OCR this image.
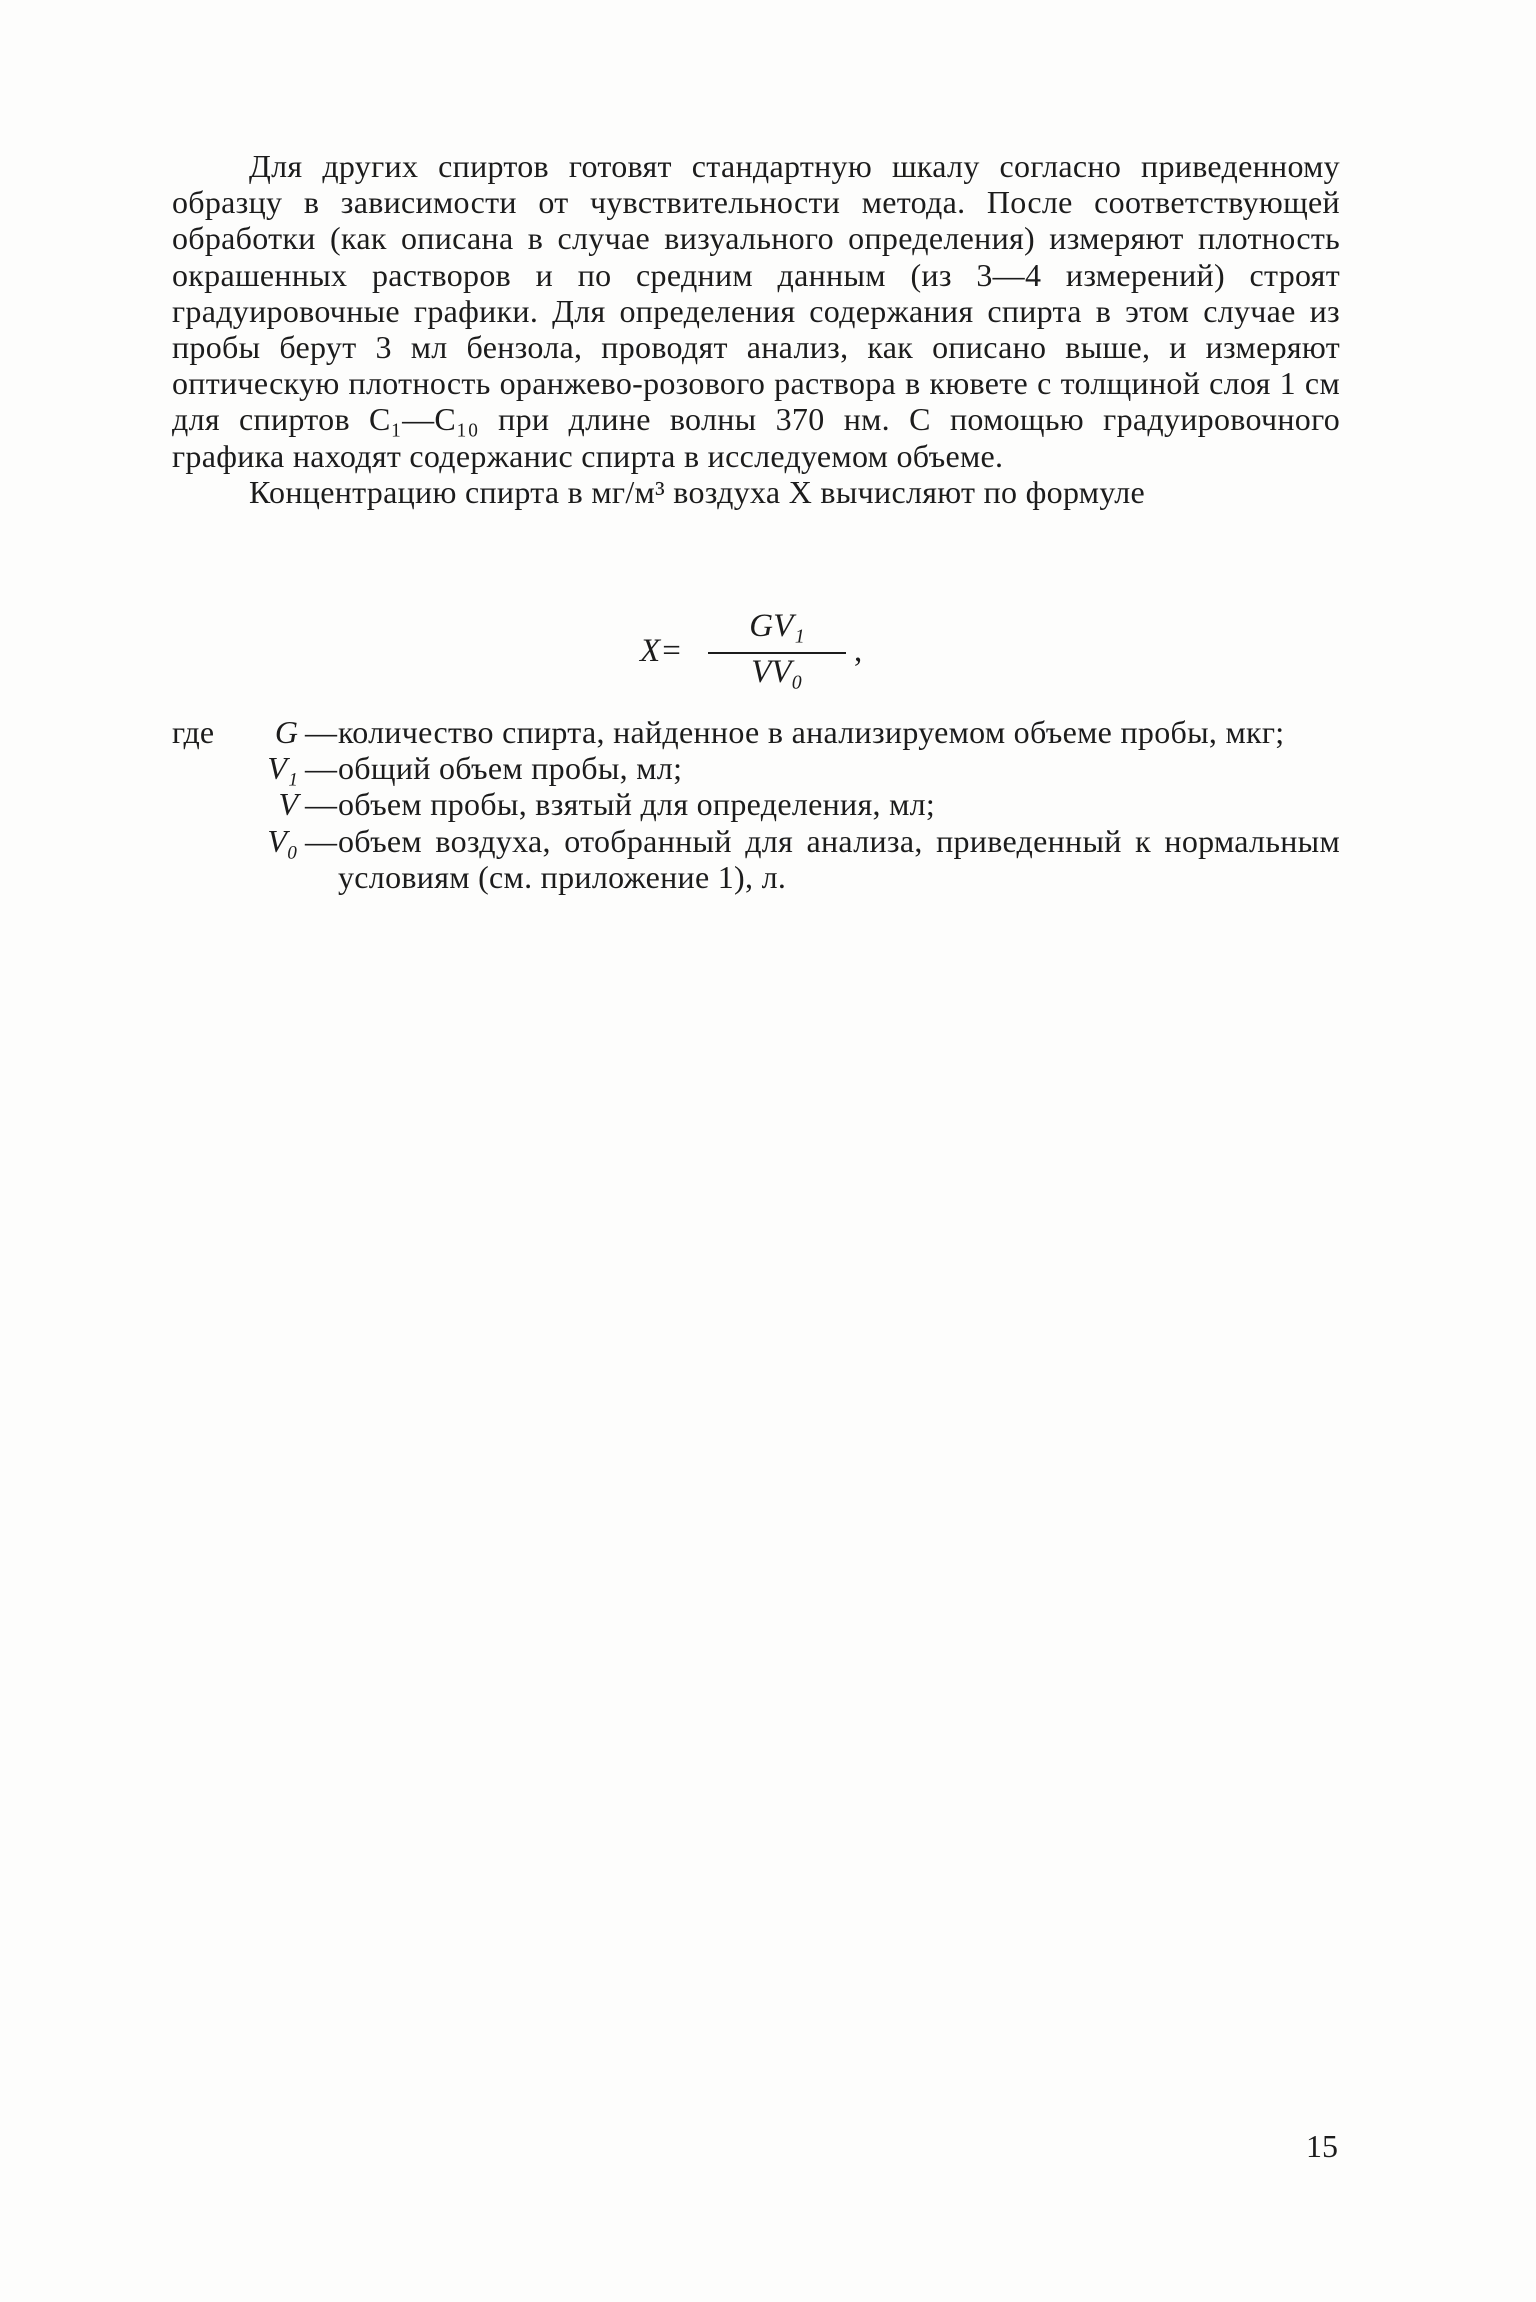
Для других спиртов готовят стандартную шкалу согласно приведенному образцу в зависимости от чувствительности метода. После соответствующей обработки (как описана в случае визуального определения) измеряют плотность окрашенных растворов и по средним данным (из 3—4 измерений) строят градуировочные графики. Для определения содержания спирта в этом случае из пробы берут 3 мл бензола, проводят анализ, как описано выше, и измеряют оптическую плотность оранжево-розового раствора в кювете с толщиной слоя 1 см для спиртов C₁—C₁₀ при длине волны 370 нм. С помощью градуировочного графика находят содержанис спирта в исследуемом объеме.

Концентрацию спирта в мг/м³ воздуха X вычисляют по формуле

X=
GV₁
VV₀
,
где	G — количество спирта, найденное в анализируемом объеме пробы, мкг;
V₁ — общий объем пробы, мл;
V — объем пробы, взятый для определения, мл;
V₀ — объем воздуха, отобранный для анализа, приведенный к нормальным условиям (см. приложение 1), л.
15
